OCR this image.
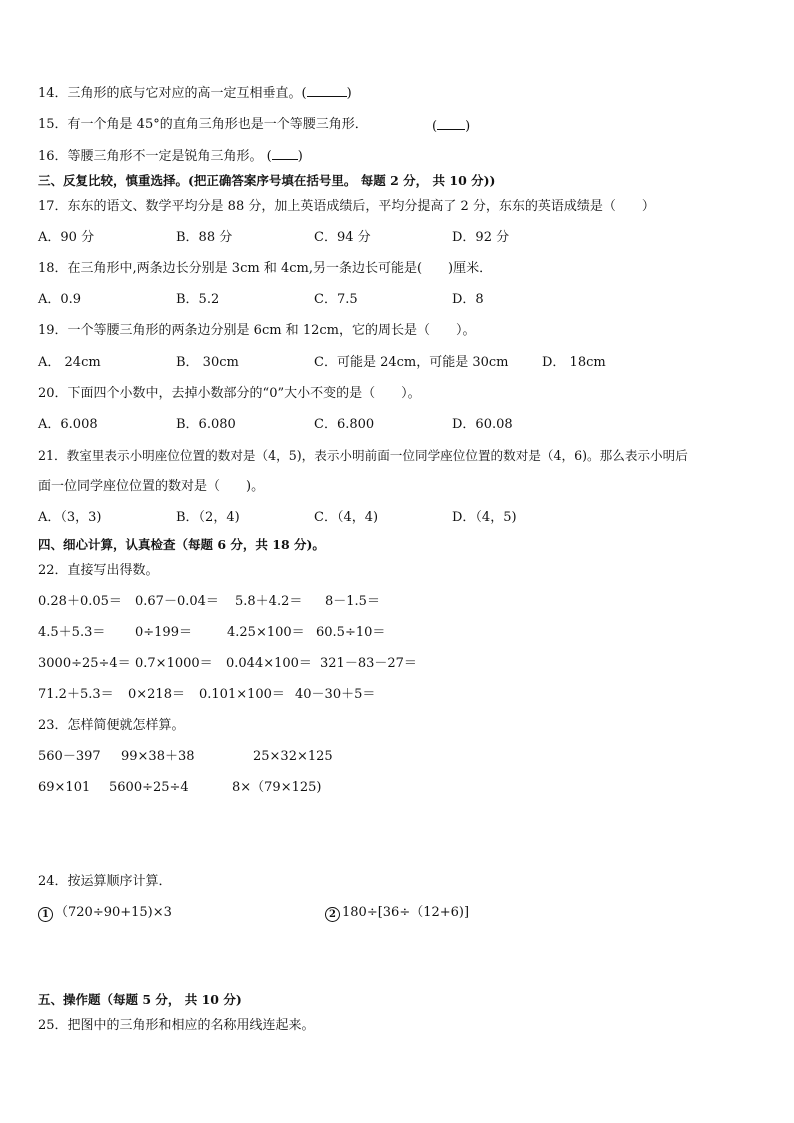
14．三角形的底与它对应的高一定互相垂直。(	)
15．有一个角是 45°的直角三角形也是一个等腰三角形．	( )
16．等腰三角形不一定是锐角三角形。 ( )
三、反复比较，慎重选择。(把正确答案序号填在括号里。 每题 2 分， 共 10 分))
17．东东的语文、数学平均分是 88 分，加上英语成绩后，平均分提高了 2 分，东东的英语成绩是（　　）
A．90 分	B．88 分	C．94 分	D．92 分
18．在三角形中,两条边长分别是 3cm 和 4cm,另一条边长可能是(　　)厘米．
A．0.9	B．5.2	C．7.5	D．8
19．一个等腰三角形的两条边分别是 6cm 和 12cm，它的周长是（　　）。
A． 24cm	B． 30cm	C．可能是 24cm，可能是 30cm	D． 18cm
20．下面四个小数中，去掉小数部分的“0”大小不变的是（　　）。
A．6.008	B．6.080	C．6.800	D．60.08
21．教室里表示小明座位位置的数对是（4，5)，表示小明前面一位同学座位位置的数对是（4，6)。那么表示小明后
面一位同学座位位置的数对是（　　)。
A．（3，3)	B．（2，4)	C．（4，4)	D．（4，5)
四、细心计算，认真检查（每题 6 分，共 18 分)。
22．直接写出得数。
0.28＋0.05＝ 0.67－0.04＝ 5.8＋4.2＝ 8－1.5＝
4.5＋5.3＝ 0÷199＝	4.25×100＝ 60.5÷10＝
3000÷25÷4＝ 0.7×1000＝ 0.044×100＝ 321－83－27＝
71.2＋5.3＝ 0×218＝ 0.101×100＝ 40－30＋5＝
23．怎样简便就怎样算。
560－397 99×38＋38	25×32×125
69×101 5600÷25÷4	8×（79×125)
24．按运算顺序计算．
1 （720÷90+15)×3	2 180÷[36÷（12+6)]
五、操作题（每题 5 分， 共 10 分)
25．把图中的三角形和相应的名称用线连起来。
